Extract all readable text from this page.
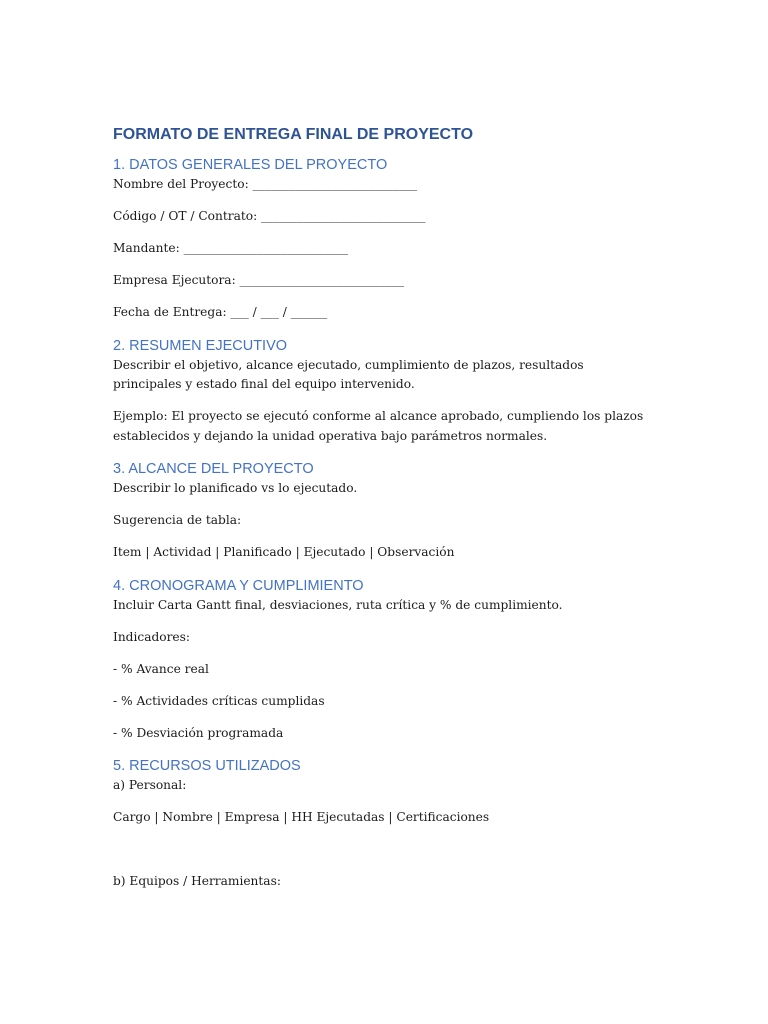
FORMATO DE ENTREGA FINAL DE PROYECTO
1. DATOS GENERALES DEL PROYECTO

Nombre del Proyecto: ___________________________

Código / OT / Contrato: ___________________________

Mandante: ___________________________

Empresa Ejecutora: ___________________________

Fecha de Entrega: ___ / ___ / ______

2. RESUMEN EJECUTIVO

Describir el objetivo, alcance ejecutado, cumplimiento de plazos, resultados principales y estado final del equipo intervenido.

Ejemplo: El proyecto se ejecutó conforme al alcance aprobado, cumpliendo los plazos establecidos y dejando la unidad operativa bajo parámetros normales.

3. ALCANCE DEL PROYECTO

Describir lo planificado vs lo ejecutado.

Sugerencia de tabla:

Item | Actividad | Planificado | Ejecutado | Observación

4. CRONOGRAMA Y CUMPLIMIENTO

Incluir Carta Gantt final, desviaciones, ruta crítica y % de cumplimiento.

Indicadores:

- % Avance real

- % Actividades críticas cumplidas

- % Desviación programada

5. RECURSOS UTILIZADOS

a) Personal:

Cargo | Nombre | Empresa | HH Ejecutadas | Certificaciones

b) Equipos / Herramientas:
